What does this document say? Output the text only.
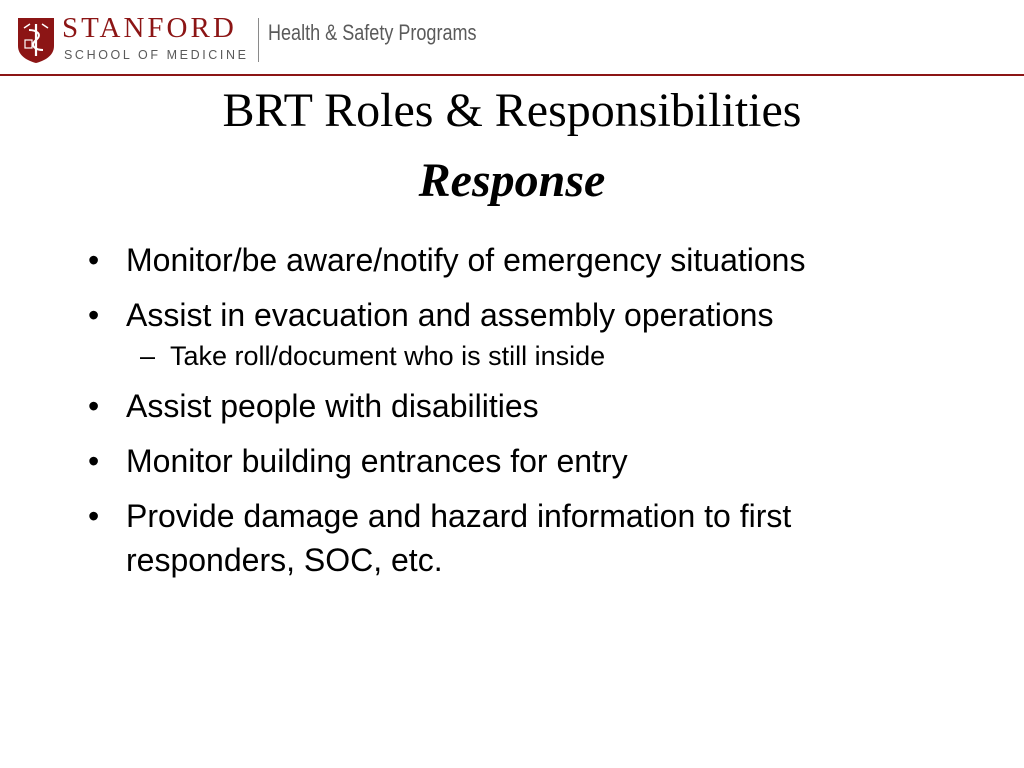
STANFORD
SCHOOL OF MEDICINE
Health & Safety Programs
BRT Roles & Responsibilities
Response
• Monitor/be aware/notify of emergency situations
• Assist in evacuation and assembly operations
– Take roll/document who is still inside
• Assist people with disabilities
• Monitor building entrances for entry
• Provide damage and hazard information to first responders, SOC, etc.
